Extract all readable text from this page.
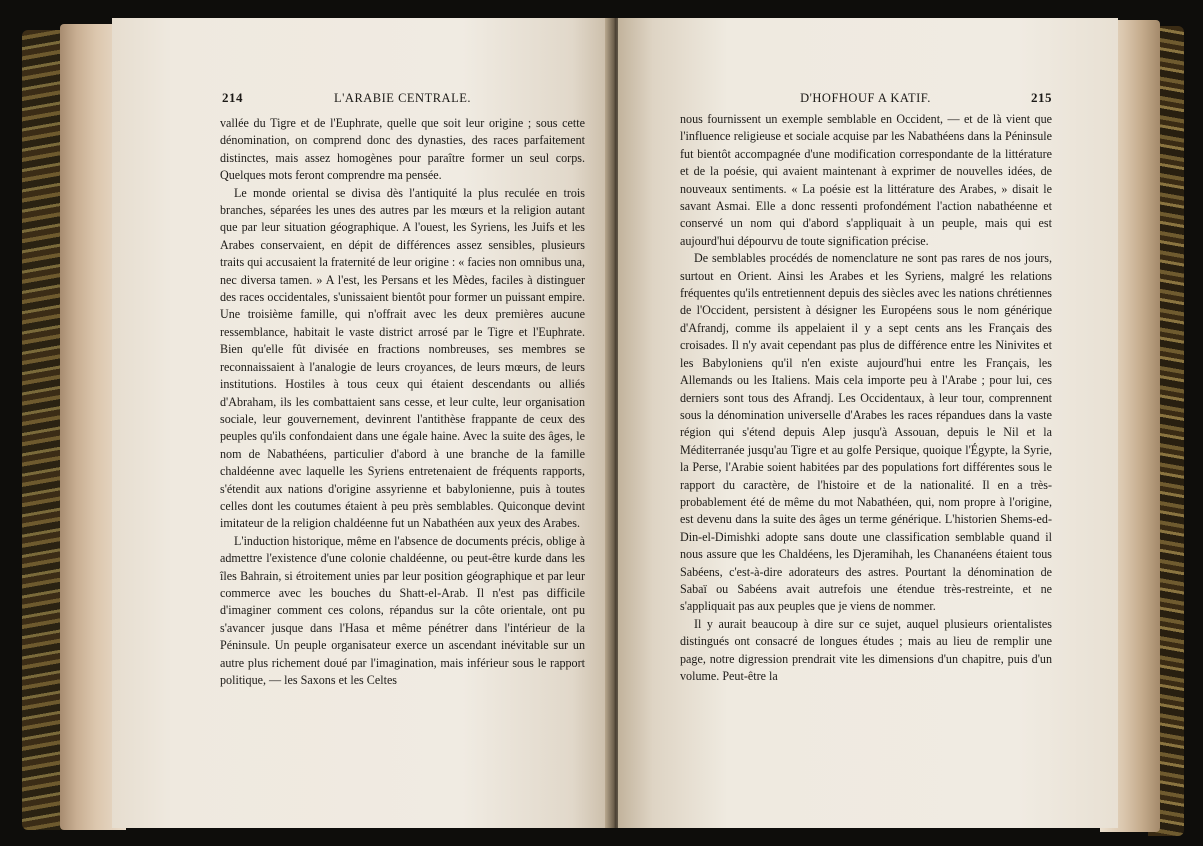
214	L'ARABIE CENTRALE.

vallée du Tigre et de l'Euphrate, quelle que soit leur origine ; sous cette dénomination, on comprend donc des dynasties, des races parfaitement distinctes, mais assez homogènes pour paraître former un seul corps. Quelques mots feront comprendre ma pensée.

Le monde oriental se divisa dès l'antiquité la plus reculée en trois branches, séparées les unes des autres par les mœurs et la religion autant que par leur situation géographique. A l'ouest, les Syriens, les Juifs et les Arabes conservaient, en dépit de différences assez sensibles, plusieurs traits qui accusaient la fraternité de leur origine : « facies non omnibus una, nec diversa tamen. » A l'est, les Persans et les Mèdes, faciles à distinguer des races occidentales, s'unissaient bientôt pour former un puissant empire. Une troisième famille, qui n'offrait avec les deux premières aucune ressemblance, habitait le vaste district arrosé par le Tigre et l'Euphrate. Bien qu'elle fût divisée en fractions nombreuses, ses membres se reconnaissaient à l'analogie de leurs croyances, de leurs mœurs, de leurs institutions. Hostiles à tous ceux qui étaient descendants ou alliés d'Abraham, ils les combattaient sans cesse, et leur culte, leur organisation sociale, leur gouvernement, devinrent l'antithèse frappante de ceux des peuples qu'ils confondaient dans une égale haine. Avec la suite des âges, le nom de Nabathéens, particulier d'abord à une branche de la famille chaldéenne avec laquelle les Syriens entretenaient de fréquents rapports, s'étendit aux nations d'origine assyrienne et babylonienne, puis à toutes celles dont les coutumes étaient à peu près semblables. Quiconque devint imitateur de la religion chaldéenne fut un Nabathéen aux yeux des Arabes.

L'induction historique, même en l'absence de documents précis, oblige à admettre l'existence d'une colonie chaldéenne, ou peut-être kurde dans les îles Bahrain, si étroitement unies par leur position géographique et par leur commerce avec les bouches du Shatt-el-Arab. Il n'est pas difficile d'imaginer comment ces colons, répandus sur la côte orientale, ont pu s'avancer jusque dans l'Hasa et même pénétrer dans l'intérieur de la Péninsule. Un peuple organisateur exerce un ascendant inévitable sur un autre plus richement doué par l'imagination, mais inférieur sous le rapport politique, — les Saxons et les Celtes

D'HOFHOUF A KATIF.	215

nous fournissent un exemple semblable en Occident, — et de là vient que l'influence religieuse et sociale acquise par les Nabathéens dans la Péninsule fut bientôt accompagnée d'une modification correspondante de la littérature et de la poésie, qui avaient maintenant à exprimer de nouvelles idées, de nouveaux sentiments. « La poésie est la littérature des Arabes, » disait le savant Asmai. Elle a donc ressenti profondément l'action nabathéenne et conservé un nom qui d'abord s'appliquait à un peuple, mais qui est aujourd'hui dépourvu de toute signification précise.

De semblables procédés de nomenclature ne sont pas rares de nos jours, surtout en Orient. Ainsi les Arabes et les Syriens, malgré les relations fréquentes qu'ils entretiennent depuis des siècles avec les nations chrétiennes de l'Occident, persistent à désigner les Européens sous le nom générique d'Afrandj, comme ils appelaient il y a sept cents ans les Français des croisades. Il n'y avait cependant pas plus de différence entre les Ninivites et les Babyloniens qu'il n'en existe aujourd'hui entre les Français, les Allemands ou les Italiens. Mais cela importe peu à l'Arabe ; pour lui, ces derniers sont tous des Afrandj. Les Occidentaux, à leur tour, comprennent sous la dénomination universelle d'Arabes les races répandues dans la vaste région qui s'étend depuis Alep jusqu'à Assouan, depuis le Nil et la Méditerranée jusqu'au Tigre et au golfe Persique, quoique l'Égypte, la Syrie, la Perse, l'Arabie soient habitées par des populations fort différentes sous le rapport du caractère, de l'histoire et de la nationalité. Il en a très-probablement été de même du mot Nabathéen, qui, nom propre à l'origine, est devenu dans la suite des âges un terme générique. L'historien Shems-ed-Din-el-Dimishki adopte sans doute une classification semblable quand il nous assure que les Chaldéens, les Djeramihah, les Chananéens étaient tous Sabéens, c'est-à-dire adorateurs des astres. Pourtant la dénomination de Sabaï ou Sabéens avait autrefois une étendue très-restreinte, et ne s'appliquait pas aux peuples que je viens de nommer.

Il y aurait beaucoup à dire sur ce sujet, auquel plusieurs orientalistes distingués ont consacré de longues études ; mais au lieu de remplir une page, notre digression prendrait vite les dimensions d'un chapitre, puis d'un volume. Peut-être la
